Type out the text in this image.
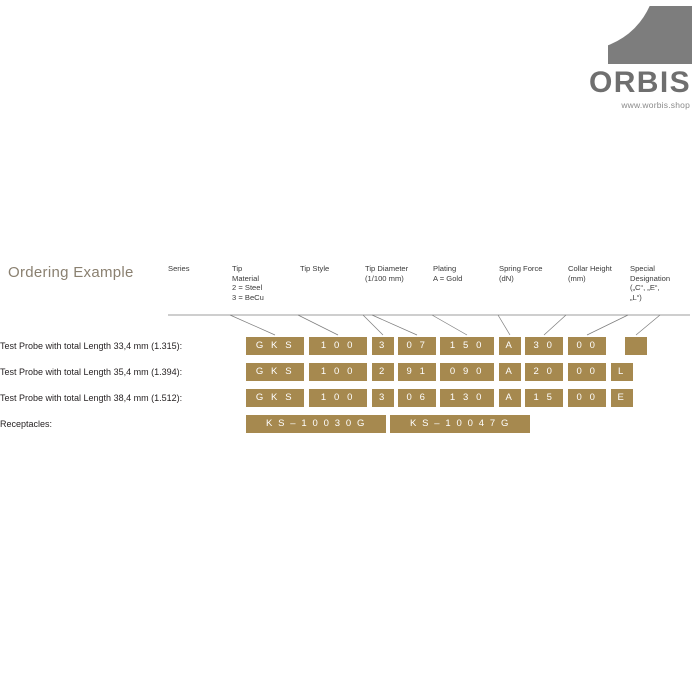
ORBIS
www.worbis.shop
Ordering Example	Series	Tip
Material
2 = Steel
3 = BeCu
Tip Style	Tip Diameter
(1/100 mm)
Plating
A = Gold
Spring Force
(dN)
Collar Height
(mm)
Special
Designation
(„C“, „E“,
„L“)
Test Probe with total Length 33,4 mm (1.315):	G K S	1 0 0	3	0 7	1 5 0	A	3 0	0 0
Test Probe with total Length 35,4 mm (1.394):	G K S	1 0 0	2	9 1	0 9 0	A	2 0	0 0	L
Test Probe with total Length 38,4 mm (1.512):	G K S	1 0 0	3	0 6	1 3 0	A	1 5	0 0	E
Receptacles:	K S – 1 0 0 3 0 G	K S – 1 0 0 4 7 G
